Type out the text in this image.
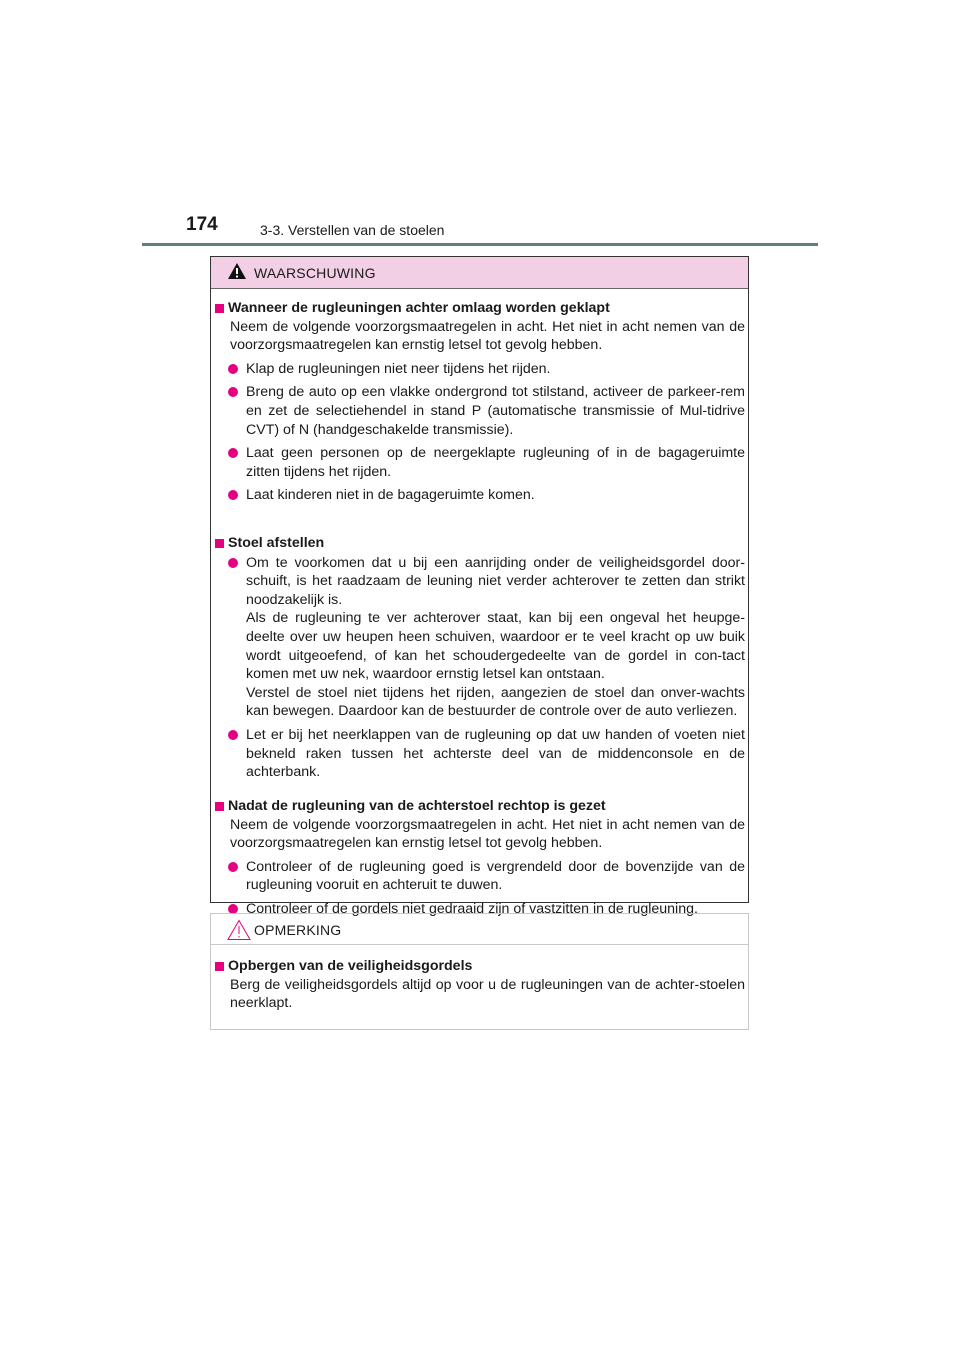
174	3-3. Verstellen van de stoelen
WAARSCHUWING
Wanneer de rugleuningen achter omlaag worden geklapt
Neem de volgende voorzorgsmaatregelen in acht. Het niet in acht nemen van de voorzorgsmaatregelen kan ernstig letsel tot gevolg hebben.
Klap de rugleuningen niet neer tijdens het rijden.
Breng de auto op een vlakke ondergrond tot stilstand, activeer de parkeer-rem en zet de selectiehendel in stand P (automatische transmissie of Mul-tidrive CVT) of N (handgeschakelde transmissie).
Laat geen personen op de neergeklapte rugleuning of in de bagageruimte zitten tijdens het rijden.
Laat kinderen niet in de bagageruimte komen.
Stoel afstellen
Om te voorkomen dat u bij een aanrijding onder de veiligheidsgordel door-schuift, is het raadzaam de leuning niet verder achterover te zetten dan strikt noodzakelijk is.
Als de rugleuning te ver achterover staat, kan bij een ongeval het heupge-deelte over uw heupen heen schuiven, waardoor er te veel kracht op uw buik wordt uitgeoefend, of kan het schoudergedeelte van de gordel in con-tact komen met uw nek, waardoor ernstig letsel kan ontstaan.
Verstel de stoel niet tijdens het rijden, aangezien de stoel dan onver-wachts kan bewegen. Daardoor kan de bestuurder de controle over de auto verliezen.
Let er bij het neerklappen van de rugleuning op dat uw handen of voeten niet bekneld raken tussen het achterste deel van de middenconsole en de achterbank.
Nadat de rugleuning van de achterstoel rechtop is gezet
Neem de volgende voorzorgsmaatregelen in acht. Het niet in acht nemen van de voorzorgsmaatregelen kan ernstig letsel tot gevolg hebben.
Controleer of de rugleuning goed is vergrendeld door de bovenzijde van de rugleuning vooruit en achteruit te duwen.
Controleer of de gordels niet gedraaid zijn of vastzitten in de rugleuning.
OPMERKING
Opbergen van de veiligheidsgordels
Berg de veiligheidsgordels altijd op voor u de rugleuningen van de achter-stoelen neerklapt.
